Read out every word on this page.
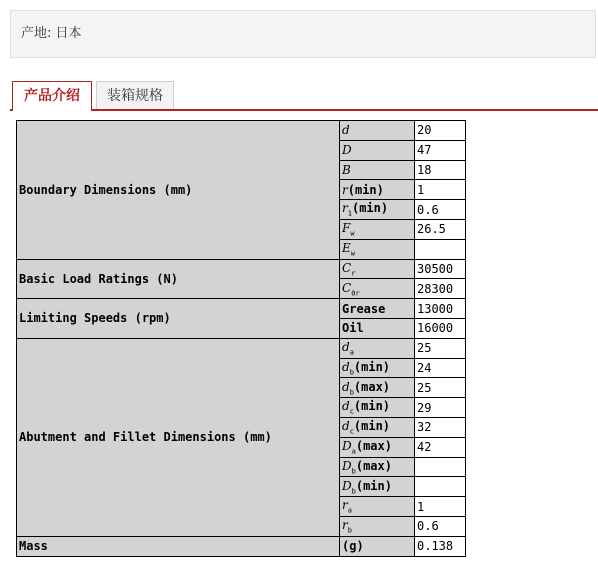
产地: 日本
产品介绍	装箱规格
Boundary Dimensions (mm)	d	20
	D	47
	B	18
	r(min)	1
	$r_1(\min)$	0.6
	$F_w$	26.5
	$E_w$	
Basic Load Ratings (N)	$C_r$	30500
	$C_{0r}$	28300
Limiting Speeds (rpm)	Grease	13000
	Oil	16000
Abutment and Fillet Dimensions (mm)	$d_a$	25
	$d_b(\min)$	24
	$d_b(\max)$	25
	$d_c(\min)$	29
	$d_c(\min)$	32
	$D_a(\max)$	42
	$D_b(\max)$	
	$D_b(\min)$	
	$r_a$	1
	$r_b$	0.6
Mass	(g)	0.138
